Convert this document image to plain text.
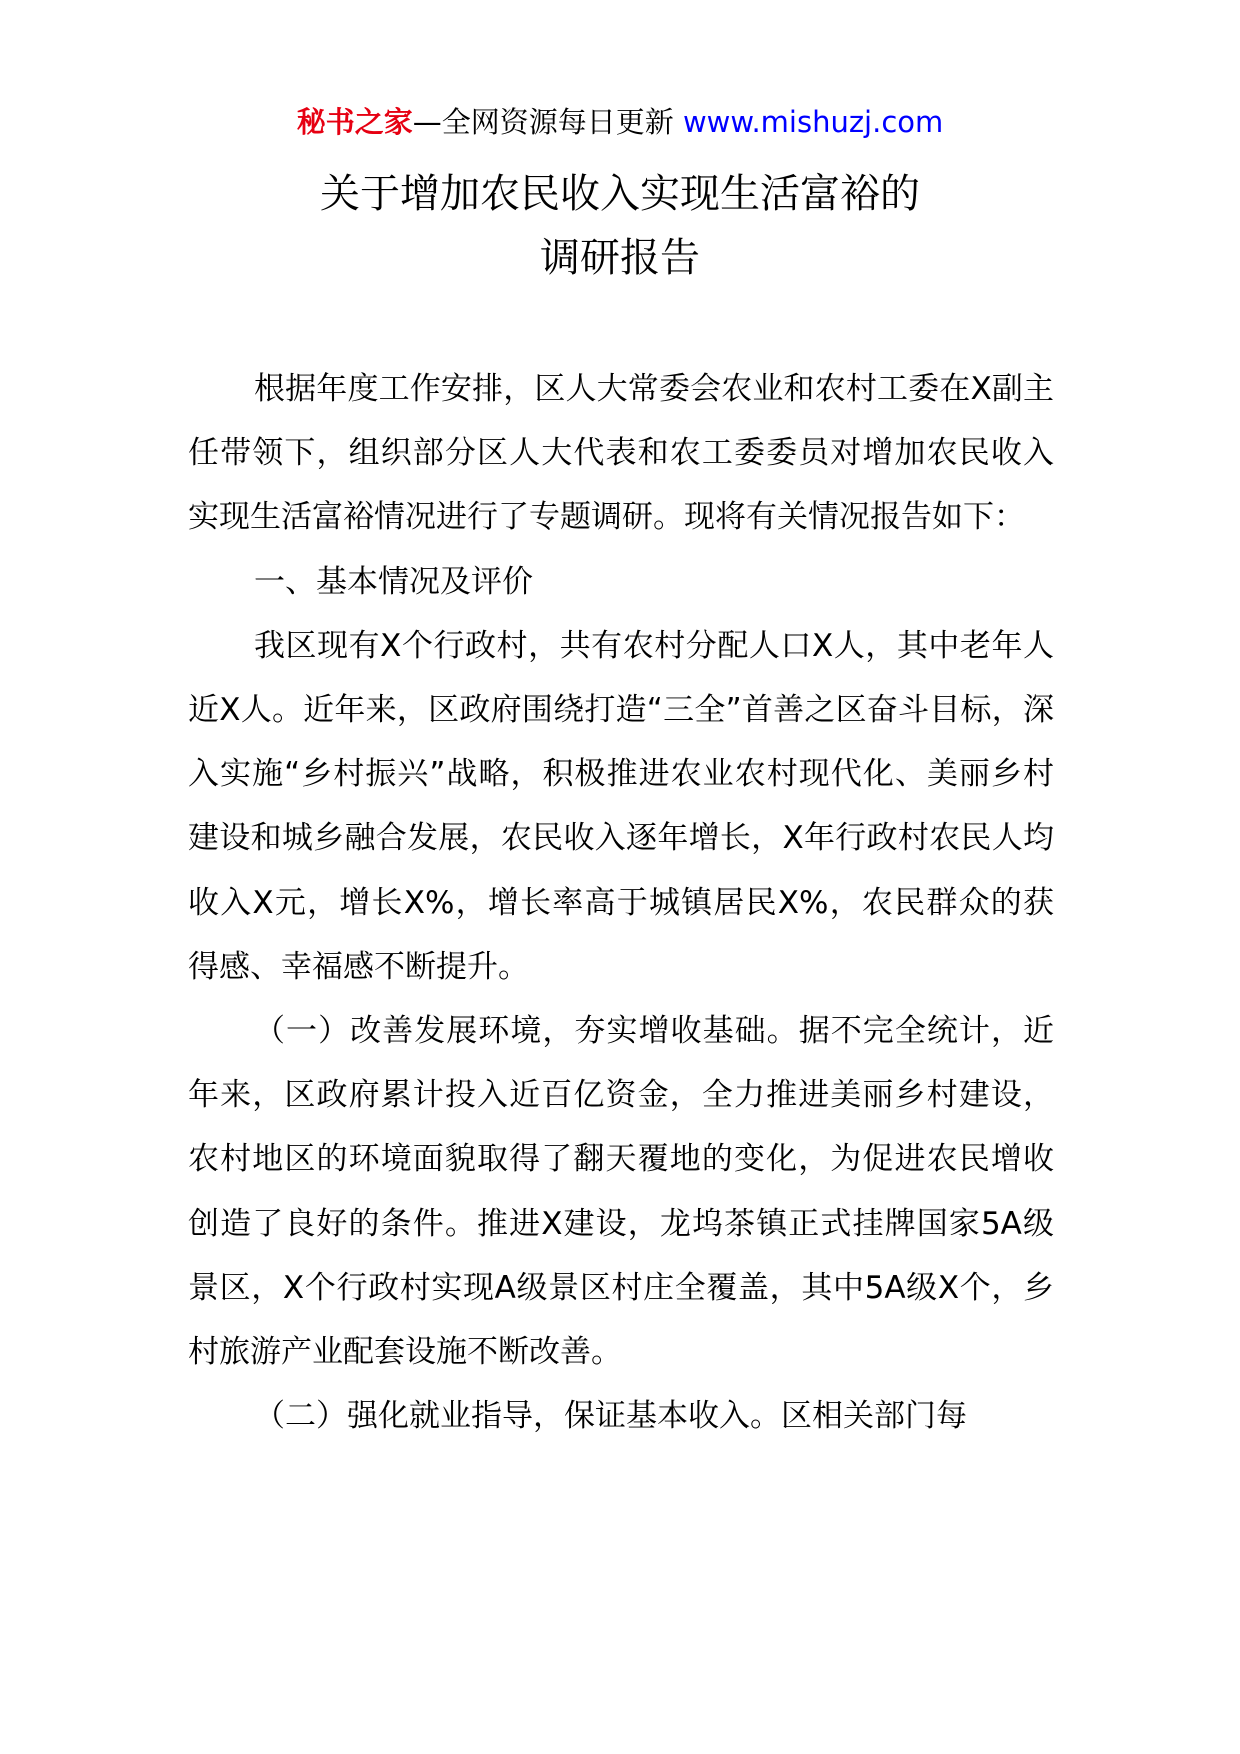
秘书之家—全网资源每日更新 www.mishuzj.com
关于增加农民收入实现生活富裕的
调研报告

根据年度工作安排，区人大常委会农业和农村工委在X副主任带领下，组织部分区人大代表和农工委委员对增加农民收入实现生活富裕情况进行了专题调研。现将有关情况报告如下：

一、基本情况及评价

我区现有X个行政村，共有农村分配人口X人，其中老年人近X人。近年来，区政府围绕打造“三全”首善之区奋斗目标，深入实施“乡村振兴”战略，积极推进农业农村现代化、美丽乡村建设和城乡融合发展，农民收入逐年增长，X年行政村农民人均收入X元，增长X%，增长率高于城镇居民X%，农民群众的获得感、幸福感不断提升。

（一）改善发展环境，夯实增收基础。据不完全统计，近年来，区政府累计投入近百亿资金，全力推进美丽乡村建设，农村地区的环境面貌取得了翻天覆地的变化，为促进农民增收创造了良好的条件。推进X建设，龙坞茶镇正式挂牌国家5A级景区，X个行政村实现A级景区村庄全覆盖，其中5A级X个，乡村旅游产业配套设施不断改善。

（二）强化就业指导，保证基本收入。区相关部门每
